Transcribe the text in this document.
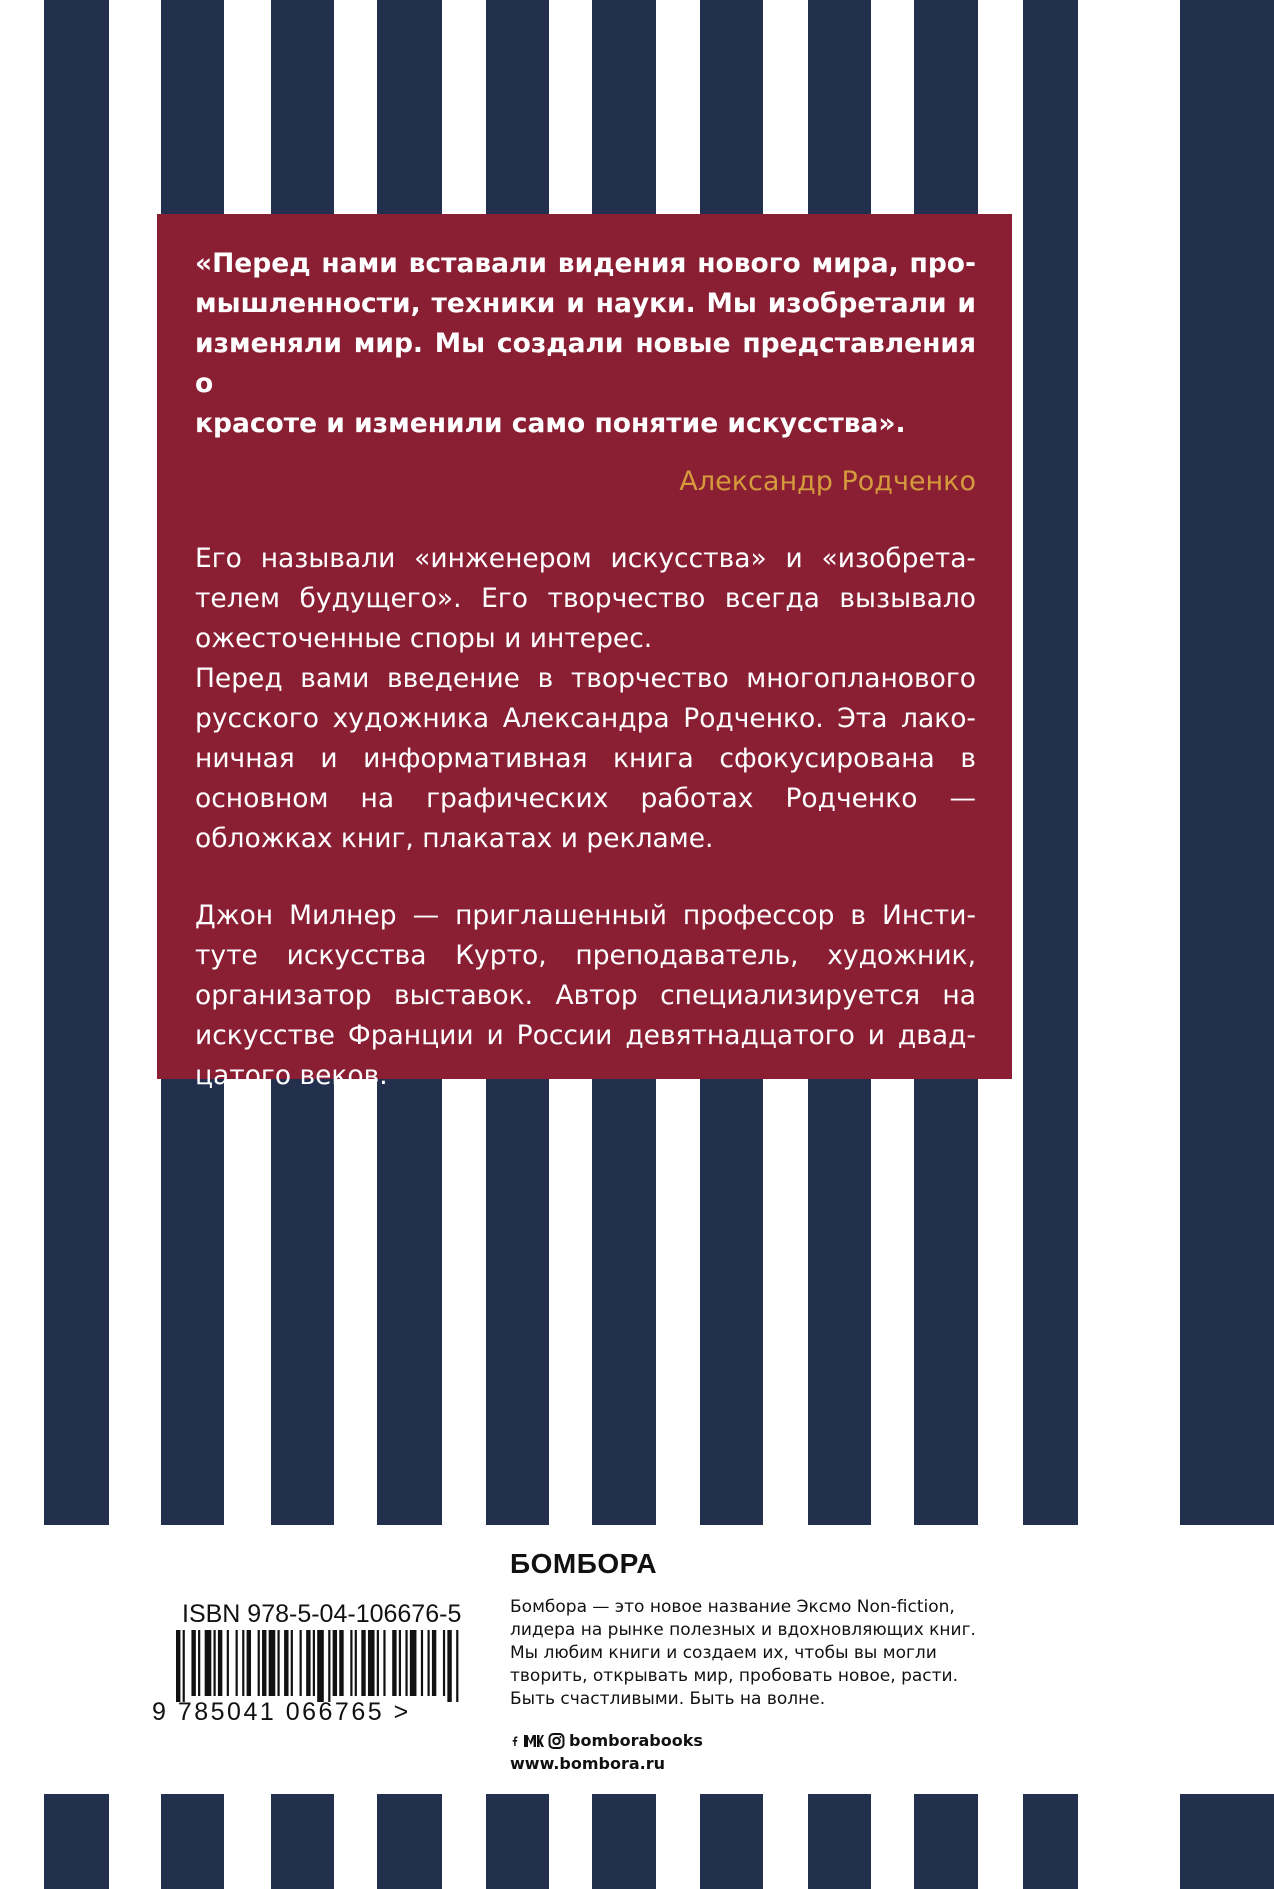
«Перед нами вставали видения нового мира, про-
мышленности, техники и науки. Мы изобретали и
изменяли мир. Мы создали новые представления о
красоте и изменили само понятие искусства».
Александр Родченко
Его называли «инженером искусства» и «изобрета-
телем будущего». Его творчество всегда вызывало
ожесточенные споры и интерес.
Перед вами введение в творчество многопланового
русского художника Александра Родченко. Эта лако-
ничная и информативная книга сфокусирована в
основном на графических работах Родченко —
обложках книг, плакатах и рекламе.
Джон Милнер — приглашенный профессор в Инсти-
туте искусства Курто, преподаватель, художник,
организатор выставок. Автор специализируется на
искусстве Франции и России девятнадцатого и двад-
цатого веков.
ISBN 978-5-04-106676-5
9 785041 066765 >
БОМБОРА
Бомбора — это новое название Эксмо Non-fiction,
лидера на рынке полезных и вдохновляющих книг.
Мы любим книги и создаем их, чтобы вы могли
творить, открывать мир, пробовать новое, расти.
Быть счастливыми. Быть на волне.
bomborabooks
www.bombora.ru
